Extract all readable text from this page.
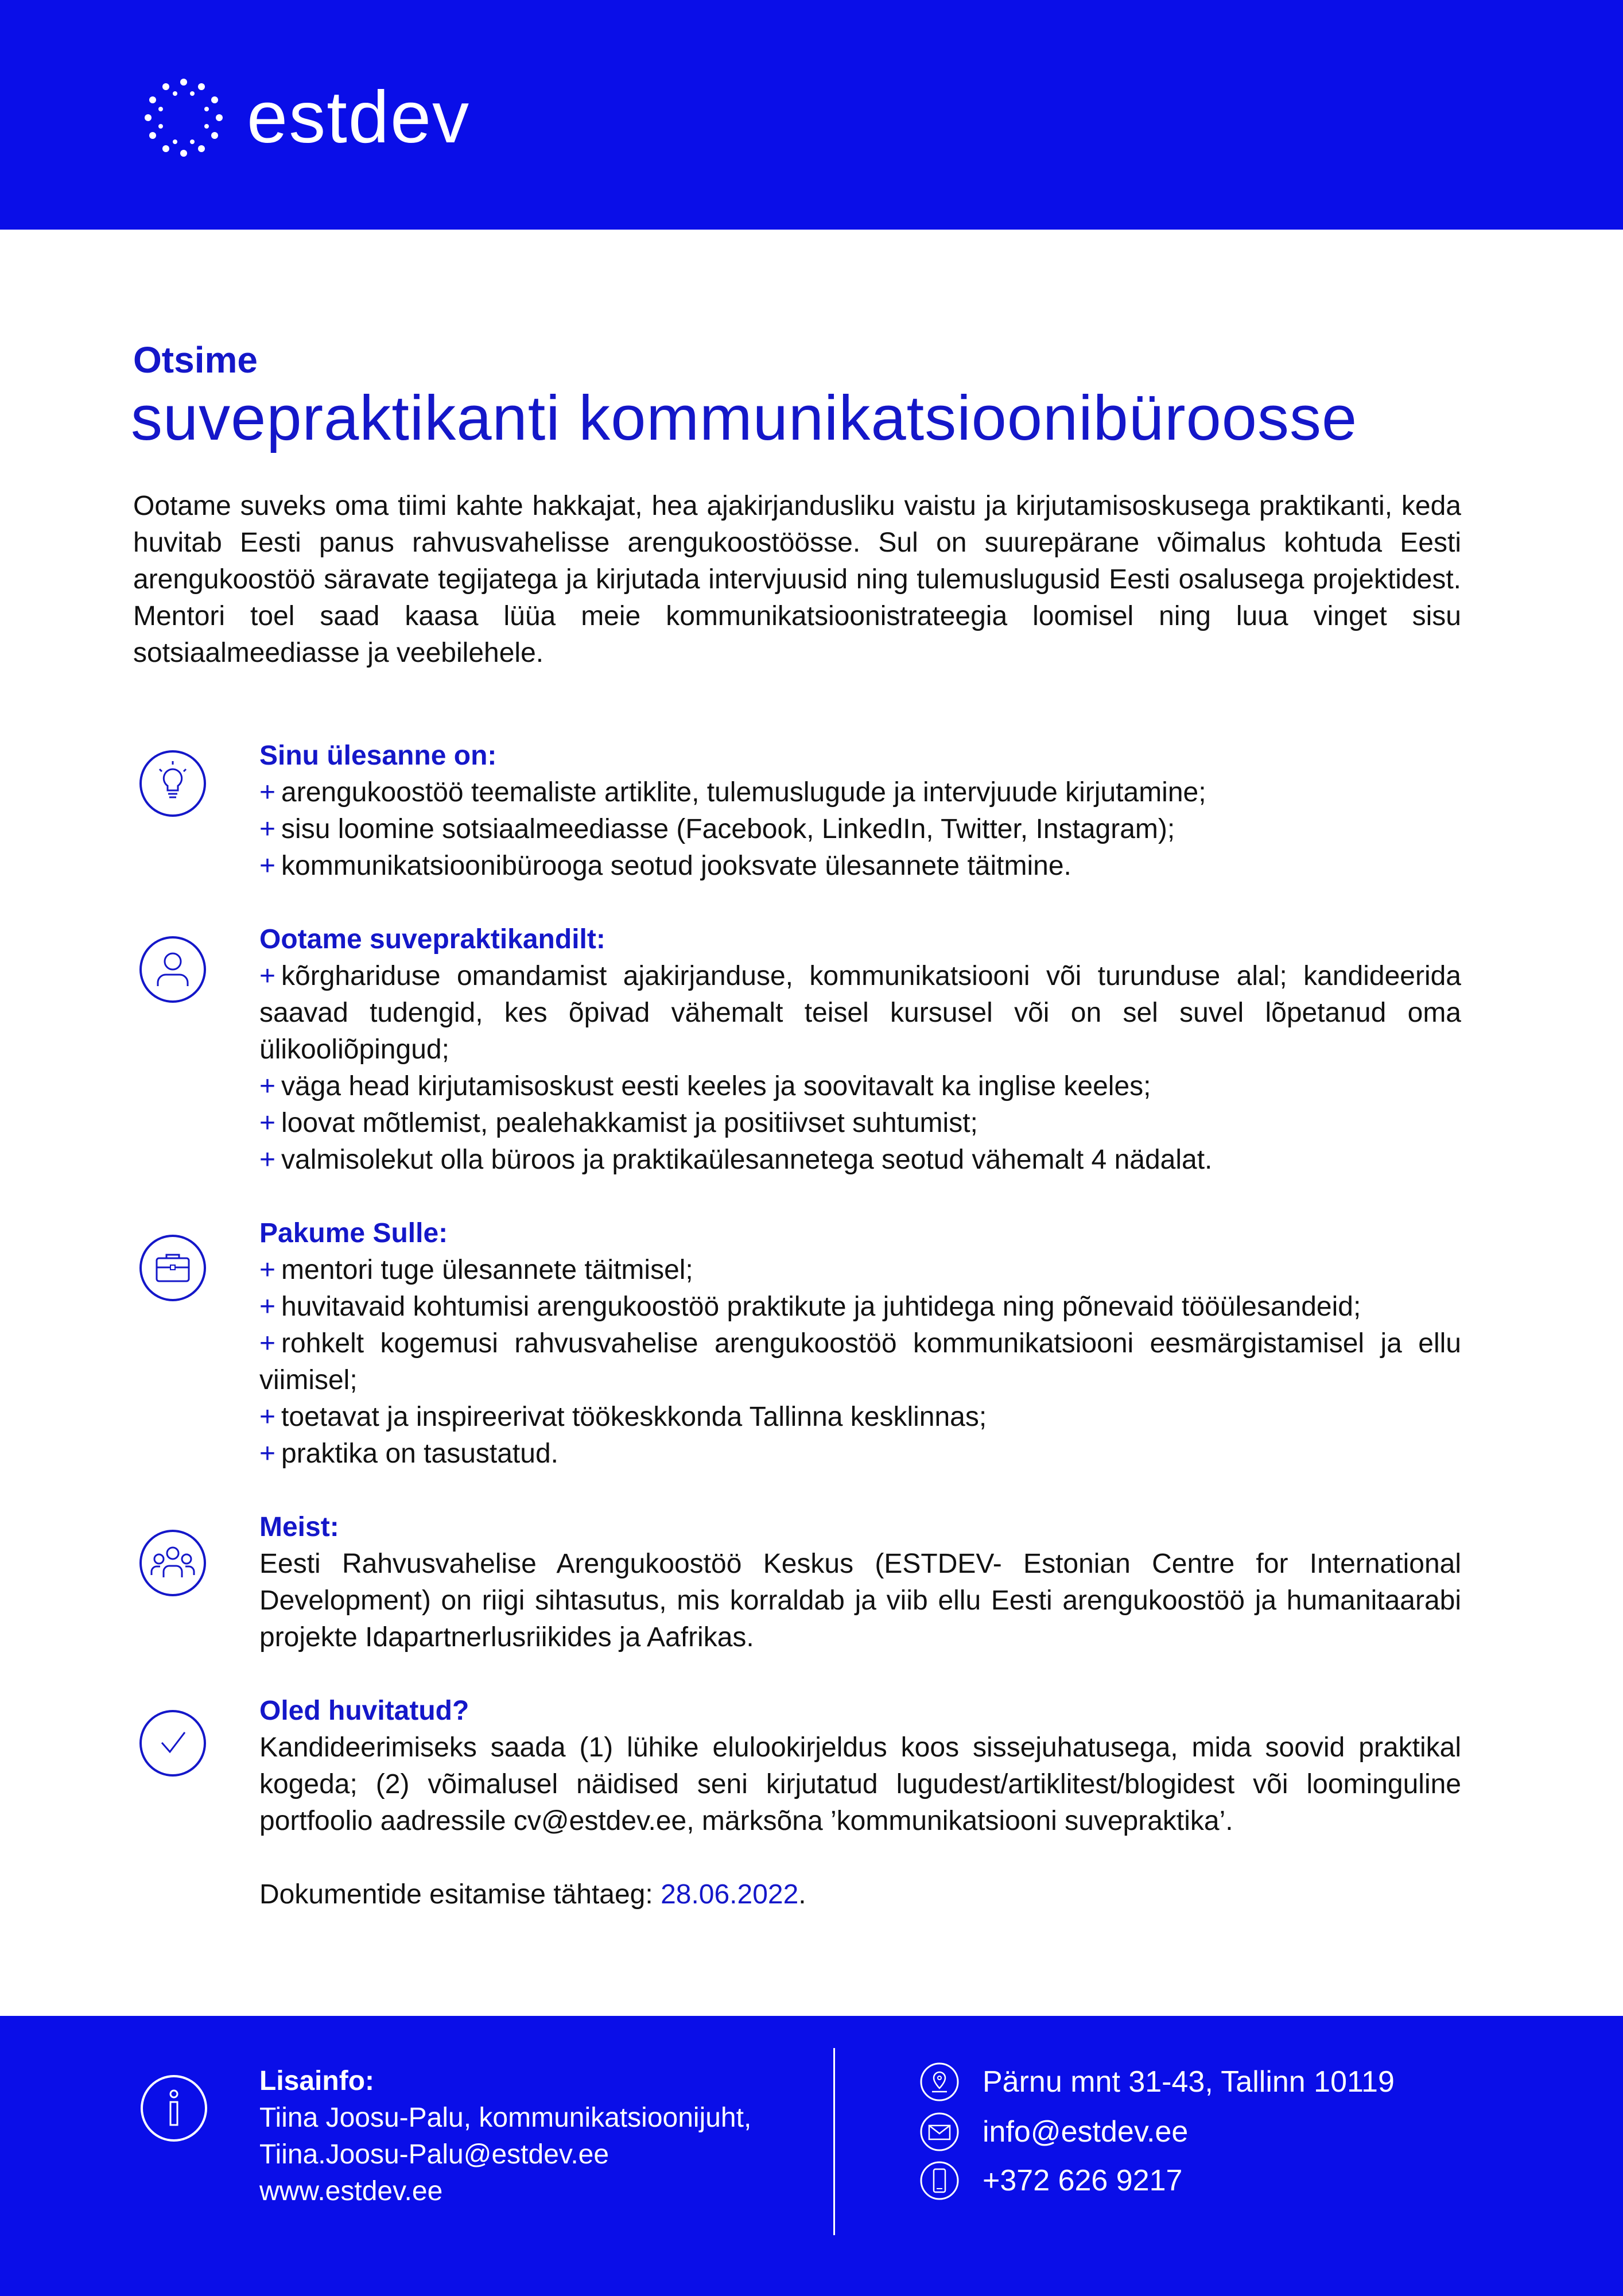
estdev
Otsime
suvepraktikanti kommunikatsioonibüroosse
Ootame suveks oma tiimi kahte hakkajat, hea ajakirjandusliku vaistu ja kirjutamisoskusega praktikanti, keda huvitab Eesti panus rahvusvahelisse arengukoostöösse. Sul on suurepärane võimalus kohtuda Eesti arengukoostöö säravate tegijatega ja kirjutada intervjuusid ning tulemuslugusid Eesti osalusega projektidest. Mentori toel saad kaasa lüüa meie kommunikatsioonistrateegia loomisel ning luua vinget sisu sotsiaalmeediasse ja veebilehele.
Sinu ülesanne on:
+ arengukoostöö teemaliste artiklite, tulemuslugude ja intervjuude kirjutamine;
+ sisu loomine sotsiaalmeediasse (Facebook, LinkedIn, Twitter, Instagram);
+ kommunikatsioonibürooga seotud jooksvate ülesannete täitmine.
Ootame suvepraktikandilt:
+ kõrghariduse omandamist ajakirjanduse, kommunikatsiooni või turunduse alal; kandideerida saavad tudengid, kes õpivad vähemalt teisel kursusel või on sel suvel lõpetanud oma ülikooliõpingud;
+ väga head kirjutamisoskust eesti keeles ja soovitavalt ka inglise keeles;
+ loovat mõtlemist, pealehakkamist ja positiivset suhtumist;
+ valmisolekut olla büroos ja praktikaülesannetega seotud vähemalt 4 nädalat.
Pakume Sulle:
+ mentori tuge ülesannete täitmisel;
+ huvitavaid kohtumisi arengukoostöö praktikute ja juhtidega ning põnevaid tööülesandeid;
+ rohkelt kogemusi rahvusvahelise arengukoostöö kommunikatsiooni eesmärgistamisel ja ellu viimisel;
+ toetavat ja inspireerivat töökeskkonda Tallinna kesklinnas;
+ praktika on tasustatud.
Meist:
Eesti Rahvusvahelise Arengukoostöö Keskus (ESTDEV- Estonian Centre for International Development) on riigi sihtasutus, mis korraldab ja viib ellu Eesti arengukoostöö ja humanitaarabi projekte Idapartnerlusriikides ja Aafrikas.
Oled huvitatud?
Kandideerimiseks saada (1) lühike elulookirjeldus koos sissejuhatusega, mida soovid praktikal kogeda; (2) võimalusel näidised seni kirjutatud lugudest/artiklitest/blogidest või loominguline portfoolio aadressile cv@estdev.ee, märksõna ’kommunikatsiooni suvepraktika’.
Dokumentide esitamise tähtaeg: 28.06.2022.
Lisainfo:
Tiina Joosu-Palu, kommunikatsioonijuht,
Tiina.Joosu-Palu@estdev.ee
www.estdev.ee
Pärnu mnt 31-43, Tallinn 10119
info@estdev.ee
+372 626 9217
